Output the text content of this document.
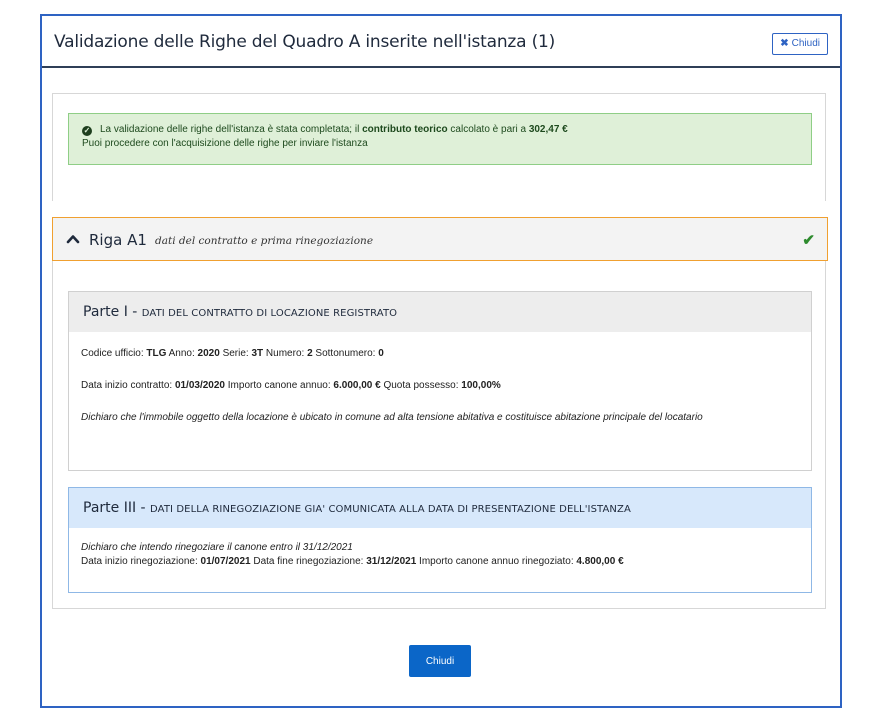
Validazione delle Righe del Quadro A inserite nell'istanza (1)	✖ Chiudi
✓ La validazione delle righe dell'istanza è stata completata; il contributo teorico calcolato è pari a 302,47 €
Puoi procedere con l'acquisizione delle righe per inviare l'istanza
Riga A1 dati del contratto e prima rinegoziazione	✔
Parte I - DATI DEL CONTRATTO DI LOCAZIONE REGISTRATO
Codice ufficio: TLG Anno: 2020 Serie: 3T Numero: 2 Sottonumero: 0
Data inizio contratto: 01/03/2020 Importo canone annuo: 6.000,00 € Quota possesso: 100,00%
Dichiaro che l'immobile oggetto della locazione è ubicato in comune ad alta tensione abitativa e costituisce abitazione principale del locatario
Parte III - DATI DELLA RINEGOZIAZIONE GIA' COMUNICATA ALLA DATA DI PRESENTAZIONE DELL'ISTANZA
Dichiaro che intendo rinegoziare il canone entro il 31/12/2021
Data inizio rinegoziazione: 01/07/2021 Data fine rinegoziazione: 31/12/2021 Importo canone annuo rinegoziato: 4.800,00 €
Chiudi
